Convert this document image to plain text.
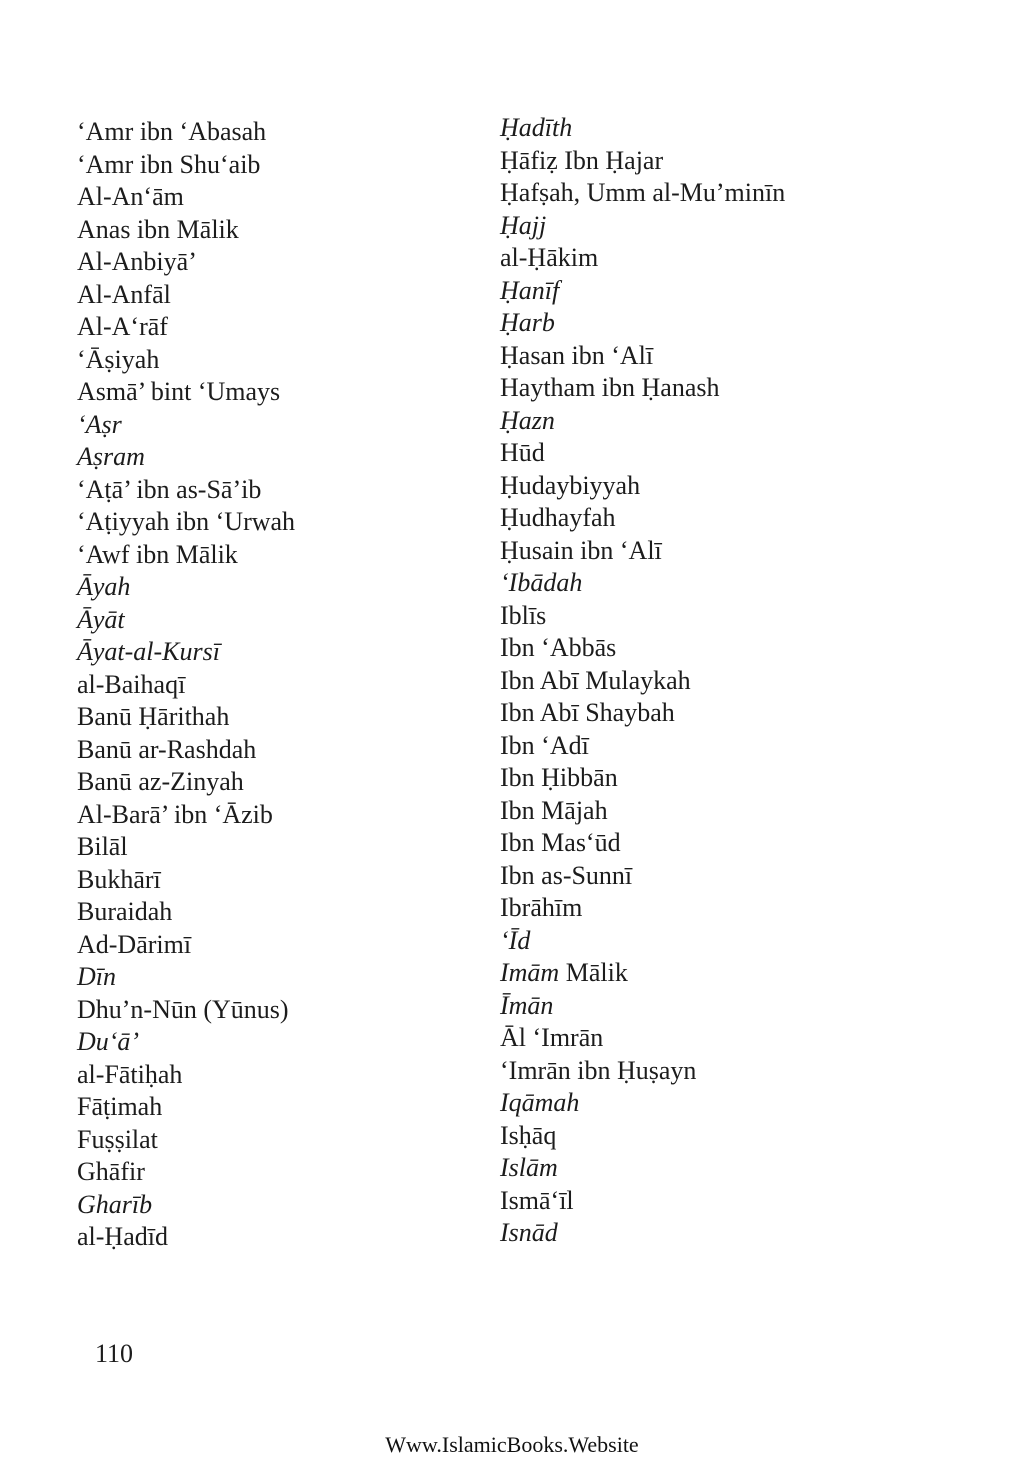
‘Amr ibn ‘Abasah
‘Amr ibn Shu‘aib
Al-An‘ām
Anas ibn Mālik
Al-Anbiyā’
Al-Anfāl
Al-A‘rāf
‘Āṣiyah
Asmā’ bint ‘Umays
‘Aṣr
Aṣram
‘Aṭā’ ibn as-Sā’ib
‘Aṭiyyah ibn ‘Urwah
‘Awf ibn Mālik
Āyah
Āyāt
Āyat-al-Kursī
al-Baihaqī
Banū Ḥārithah
Banū ar-Rashdah
Banū az-Zinyah
Al-Barā’ ibn ‘Āzib
Bilāl
Bukhārī
Buraidah
Ad-Dārimī
Dīn
Dhu’n-Nūn (Yūnus)
Du‘ā’
al-Fātiḥah
Fāṭimah
Fuṣṣilat
Ghāfir
Gharīb
al-Ḥadīd
Ḥadīth
Ḥāfiẓ Ibn Ḥajar
Ḥafṣah, Umm al-Mu’minīn
Ḥajj
al-Ḥākim
Ḥanīf
Ḥarb
Ḥasan ibn ‘Alī
Haytham ibn Ḥanash
Ḥazn
Hūd
Ḥudaybiyyah
Ḥudhayfah
Ḥusain ibn ‘Alī
‘Ibādah
Iblīs
Ibn ‘Abbās
Ibn Abī Mulaykah
Ibn Abī Shaybah
Ibn ‘Adī
Ibn Ḥibbān
Ibn Mājah
Ibn Mas‘ūd
Ibn as-Sunnī
Ibrāhīm
‘Īd
Imām Mālik
Īmān
Āl ‘Imrān
‘Imrān ibn Ḥuṣayn
Iqāmah
Isḥāq
Islām
Ismā‘īl
Isnād
110
Www.IslamicBooks.Website
